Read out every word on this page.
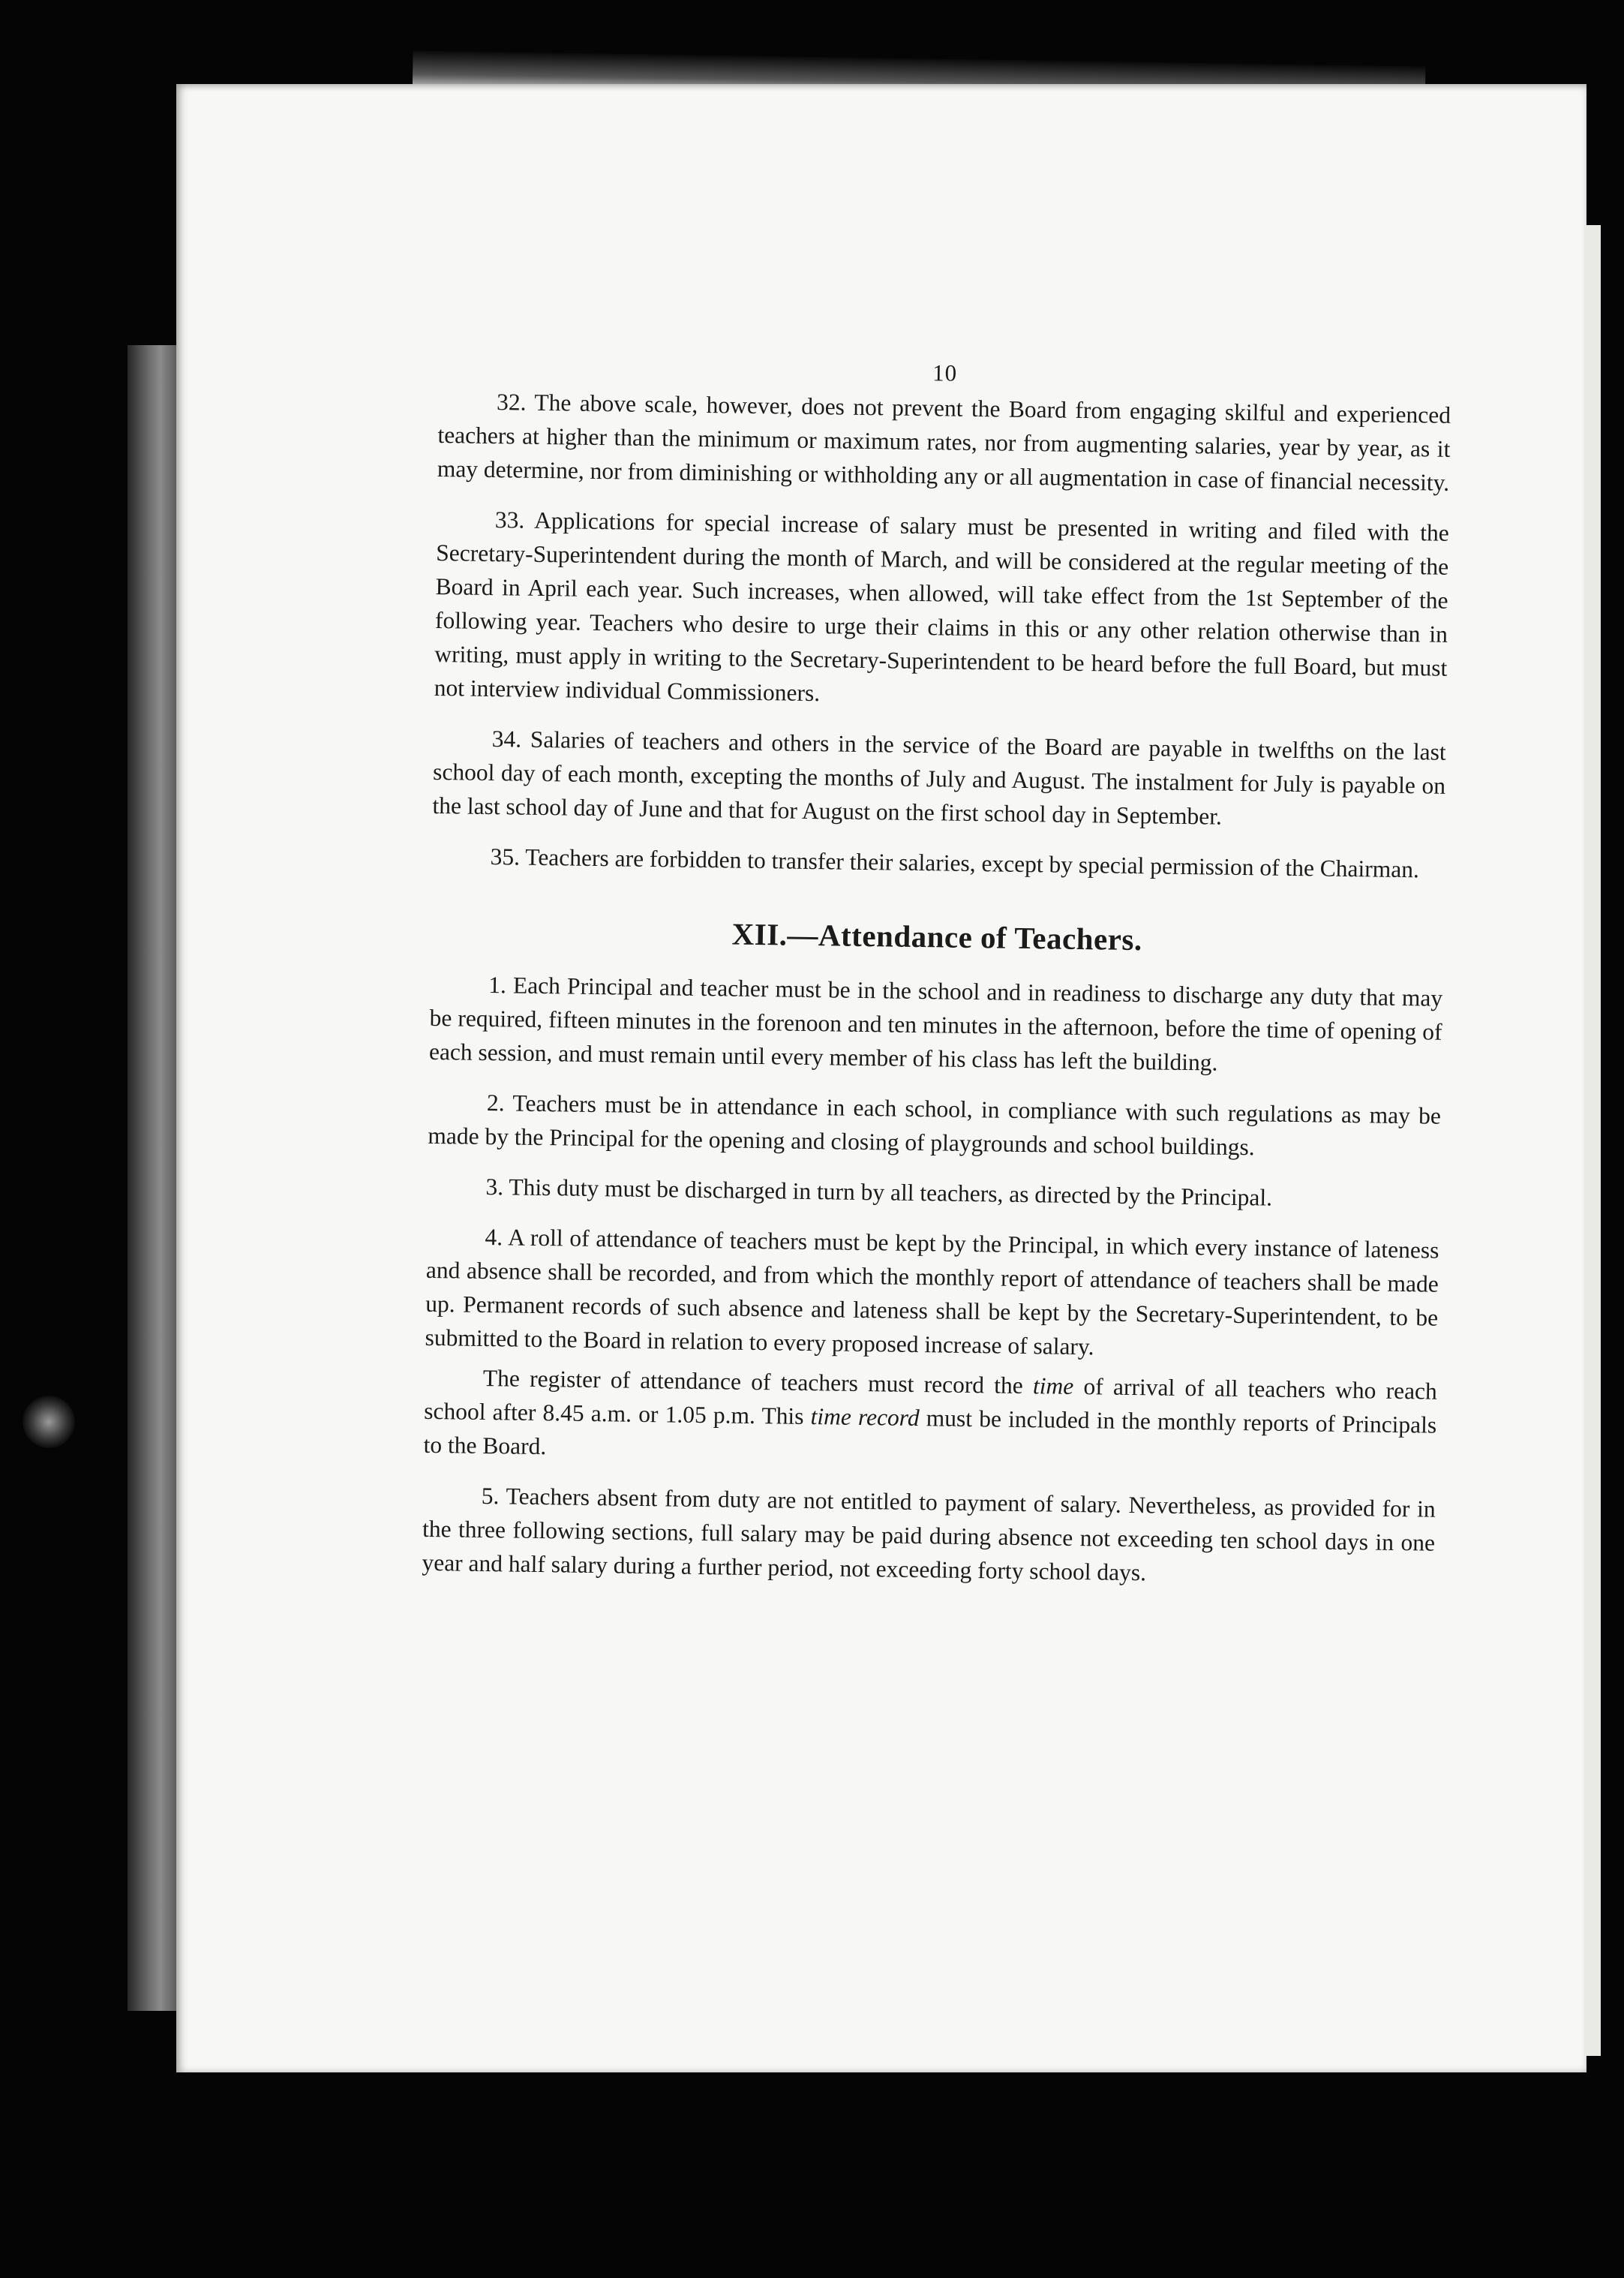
10

32. The above scale, however, does not prevent the Board from engaging skilful and experienced teachers at higher than the minimum or maximum rates, nor from augmenting salaries, year by year, as it may determine, nor from diminishing or withholding any or all augmentation in case of financial necessity.

33. Applications for special increase of salary must be presented in writing and filed with the Secretary-Superintendent during the month of March, and will be considered at the regular meeting of the Board in April each year. Such increases, when allowed, will take effect from the 1st September of the following year. Teachers who desire to urge their claims in this or any other relation otherwise than in writing, must apply in writing to the Secretary-Superintendent to be heard before the full Board, but must not interview individual Commissioners.

34. Salaries of teachers and others in the service of the Board are payable in twelfths on the last school day of each month, excepting the months of July and August. The instalment for July is payable on the last school day of June and that for August on the first school day in September.

35. Teachers are forbidden to transfer their salaries, except by special permission of the Chairman.

XII.—Attendance of Teachers.

1. Each Principal and teacher must be in the school and in readiness to discharge any duty that may be required, fifteen minutes in the forenoon and ten minutes in the afternoon, before the time of opening of each session, and must remain until every member of his class has left the building.

2. Teachers must be in attendance in each school, in compliance with such regulations as may be made by the Principal for the opening and closing of playgrounds and school buildings.

3. This duty must be discharged in turn by all teachers, as directed by the Principal.

4. A roll of attendance of teachers must be kept by the Principal, in which every instance of lateness and absence shall be recorded, and from which the monthly report of attendance of teachers shall be made up. Permanent records of such absence and lateness shall be kept by the Secretary-Superintendent, to be submitted to the Board in relation to every proposed increase of salary.

The register of attendance of teachers must record the time of arrival of all teachers who reach school after 8.45 a.m. or 1.05 p.m. This time record must be included in the monthly reports of Principals to the Board.

5. Teachers absent from duty are not entitled to payment of salary. Nevertheless, as provided for in the three following sections, full salary may be paid during absence not exceeding ten school days in one year and half salary during a further period, not exceeding forty school days.
